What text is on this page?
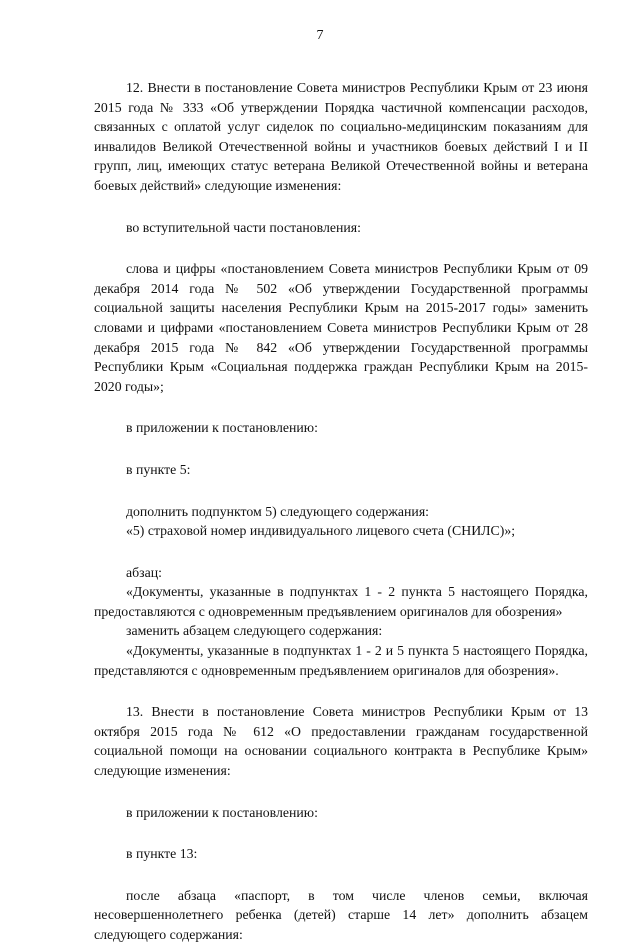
7

12. Внести в постановление Совета министров Республики Крым от 23 июня 2015 года № 333 «Об утверждении Порядка частичной компенсации расходов, связанных с оплатой услуг сиделок по социально-медицинским показаниям для инвалидов Великой Отечественной войны и участников боевых действий I и II групп, лиц, имеющих статус ветерана Великой Отечественной войны и ветерана боевых действий» следующие изменения:

во вступительной части постановления:

слова и цифры «постановлением Совета министров Республики Крым от 09 декабря 2014 года № 502 «Об утверждении Государственной программы социальной защиты населения Республики Крым на 2015-2017 годы» заменить словами и цифрами «постановлением Совета министров Республики Крым от 28 декабря 2015 года № 842 «Об утверждении Государственной программы Республики Крым «Социальная поддержка граждан Республики Крым на 2015-2020 годы»;

в приложении к постановлению:

в пункте 5:

дополнить подпунктом 5) следующего содержания:

«5) страховой номер индивидуального лицевого счета (СНИЛС)»;

абзац:

«Документы, указанные в подпунктах 1 - 2 пункта 5 настоящего Порядка, предоставляются с одновременным предъявлением оригиналов для обозрения»

заменить абзацем следующего содержания:

«Документы, указанные в подпунктах 1 - 2 и 5 пункта 5 настоящего Порядка, представляются с одновременным предъявлением оригиналов для обозрения».

13. Внести в постановление Совета министров Республики Крым от 13 октября 2015 года № 612 «О предоставлении гражданам государственной социальной помощи на основании социального контракта в Республике Крым» следующие изменения:

в приложении к постановлению:

в пункте 13:

после абзаца «паспорт, в том числе членов семьи, включая несовершеннолетнего ребенка (детей) старше 14 лет» дополнить абзацем следующего содержания:
